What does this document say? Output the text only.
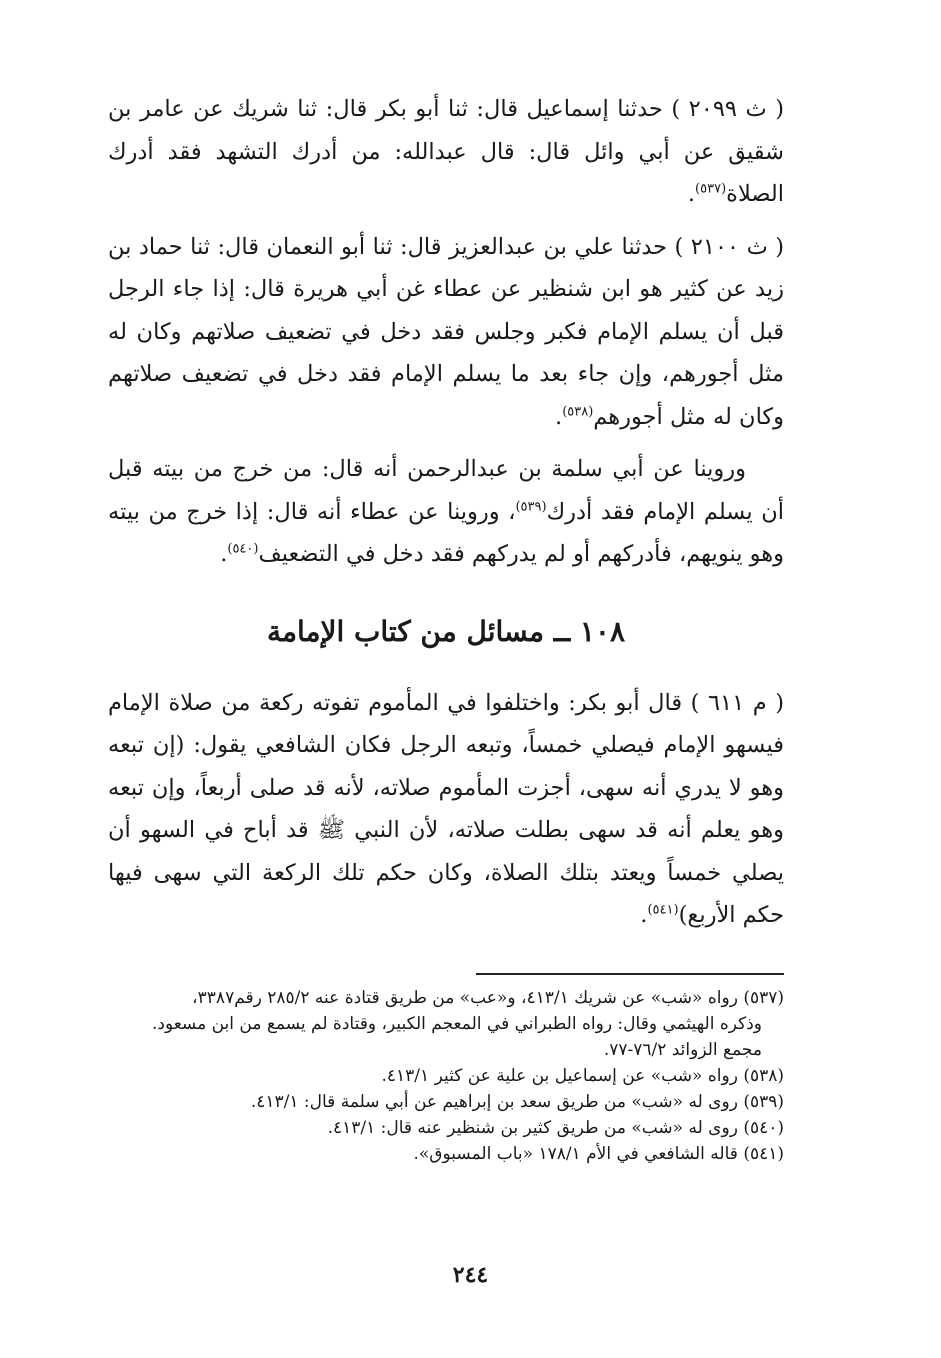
( ث ٢٠٩٩ ) حدثنا إسماعيل قال: ثنا أبو بكر قال: ثنا شريك عن عامر بن شقيق عن أبي وائل قال: قال عبدالله: من أدرك التشهد فقد أدرك الصلاة$^{(٥٣٧)}$.

( ث ٢١٠٠ ) حدثنا علي بن عبدالعزيز قال: ثنا أبو النعمان قال: ثنا حماد بن زيد عن كثير هو ابن شنظير عن عطاء غن أبي هريرة قال: إذا جاء الرجل قبل أن يسلم الإمام فكبر وجلس فقد دخل في تضعيف صلاتهم وكان له مثل أجورهم، وإن جاء بعد ما يسلم الإمام فقد دخل في تضعيف صلاتهم وكان له مثل أجورهم$^{(٥٣٨)}$.

وروينا عن أبي سلمة بن عبدالرحمن أنه قال: من خرج من بيته قبل أن يسلم الإمام فقد أدرك$^{(٥٣٩)}$، وروينا عن عطاء أنه قال: إذا خرج من بيته وهو ينويهم، فأدركهم أو لم يدركهم فقد دخل في التضعيف$^{(٥٤٠)}$.

١٠٨ ــ مسائل من كتاب الإمامة

( م ٦١١ ) قال أبو بكر: واختلفوا في المأموم تفوته ركعة من صلاة الإمام فيسهو الإمام فيصلي خمساً، وتبعه الرجل فكان الشافعي يقول: (إن تبعه وهو لا يدري أنه سهى، أجزت المأموم صلاته، لأنه قد صلى أربعاً، وإن تبعه وهو يعلم أنه قد سهى بطلت صلاته، لأن النبي ﷺ قد أباح في السهو أن يصلي خمساً ويعتد بتلك الصلاة، وكان حكم تلك الركعة التي سهى فيها حكم الأربع)$^{(٥٤١)}$.

(٥٣٧) رواه «شب» عن شريك ٤١٣/١، و«عب» من طريق قتادة عنه ٢٨٥/٢ رقم٣٣٨٧،
وذكره الهيثمي وقال: رواه الطبراني في المعجم الكبير، وقتادة لم يسمع من ابن مسعود.
مجمع الزوائد ٧٦/٢-٧٧.

(٥٣٨) رواه «شب» عن إسماعيل بن علية عن كثير ٤١٣/١.

(٥٣٩) روى له «شب» من طريق سعد بن إبراهيم عن أبي سلمة قال: ٤١٣/١.

(٥٤٠) روى له «شب» من طريق كثير بن شنظير عنه قال: ٤١٣/١.

(٥٤١) قاله الشافعي في الأم ١٧٨/١ «باب المسبوق».

٢٤٤
